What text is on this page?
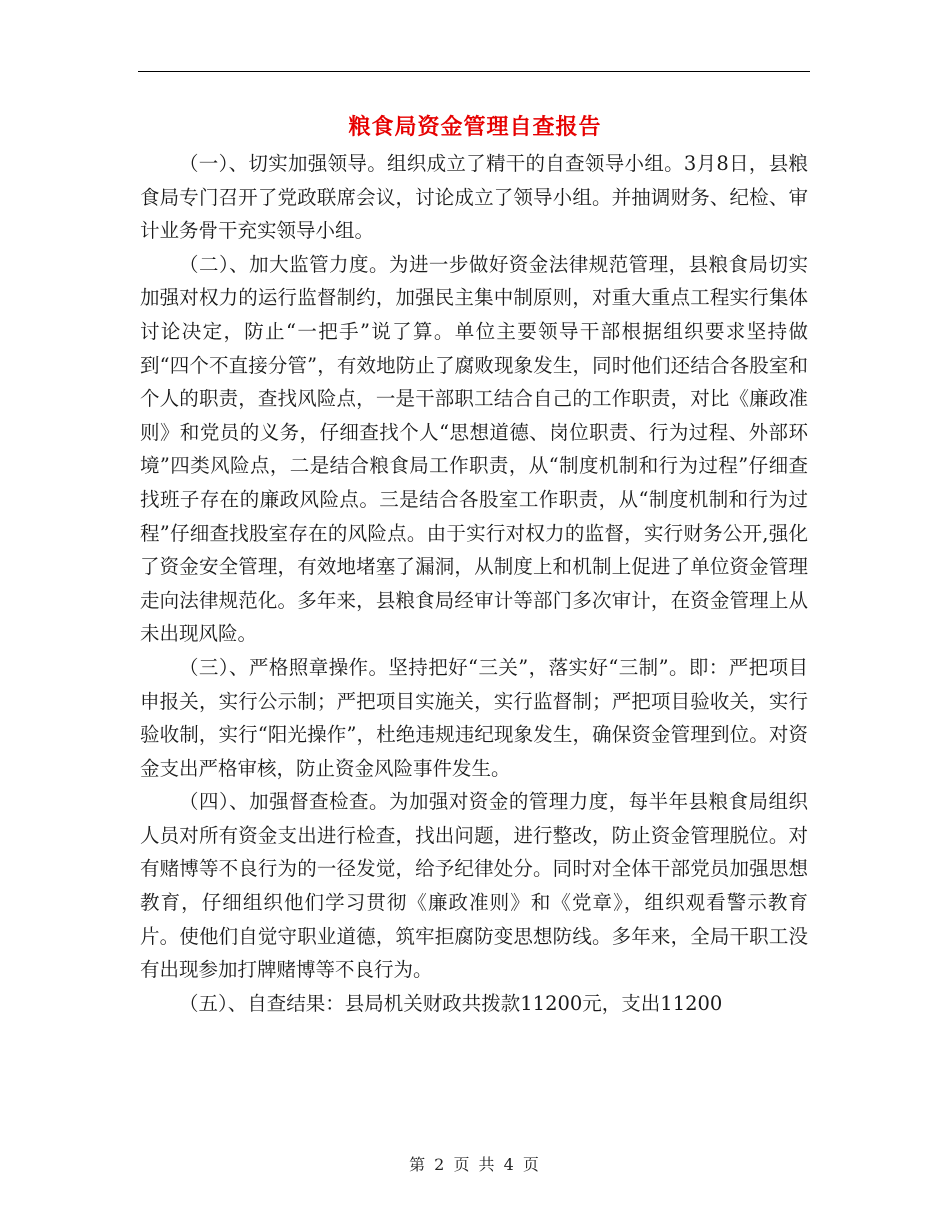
粮食局资金管理自查报告

（一）、切实加强领导。组织成立了精干的自查领导小组。3月8日，县粮食局专门召开了党政联席会议，讨论成立了领导小组。并抽调财务、纪检、审计业务骨干充实领导小组。

（二）、加大监管力度。为进一步做好资金法律规范管理，县粮食局切实加强对权力的运行监督制约，加强民主集中制原则，对重大重点工程实行集体讨论决定，防止“一把手”说了算。单位主要领导干部根据组织要求坚持做到“四个不直接分管”，有效地防止了腐败现象发生，同时他们还结合各股室和个人的职责，查找风险点，一是干部职工结合自己的工作职责，对比《廉政准则》和党员的义务，仔细查找个人“思想道德、岗位职责、行为过程、外部环境”四类风险点，二是结合粮食局工作职责，从“制度机制和行为过程”仔细查找班子存在的廉政风险点。三是结合各股室工作职责，从“制度机制和行为过程”仔细查找股室存在的风险点。由于实行对权力的监督，实行财务公开,强化了资金安全管理，有效地堵塞了漏洞，从制度上和机制上促进了单位资金管理走向法律规范化。多年来，县粮食局经审计等部门多次审计，在资金管理上从未出现风险。

（三）、严格照章操作。坚持把好“三关”，落实好“三制”。即：严把项目申报关，实行公示制；严把项目实施关，实行监督制；严把项目验收关，实行验收制，实行“阳光操作”，杜绝违规违纪现象发生，确保资金管理到位。对资金支出严格审核，防止资金风险事件发生。

（四）、加强督查检查。为加强对资金的管理力度，每半年县粮食局组织人员对所有资金支出进行检查，找出问题，进行整改，防止资金管理脱位。对有赌博等不良行为的一径发觉，给予纪律处分。同时对全体干部党员加强思想教育，仔细组织他们学习贯彻《廉政准则》和《党章》，组织观看警示教育片。使他们自觉守职业道德，筑牢拒腐防变思想防线。多年来，全局干职工没有出现参加打牌赌博等不良行为。

（五）、自查结果：县局机关财政共拨款11200元，支出11200

第 2 页 共 4 页
